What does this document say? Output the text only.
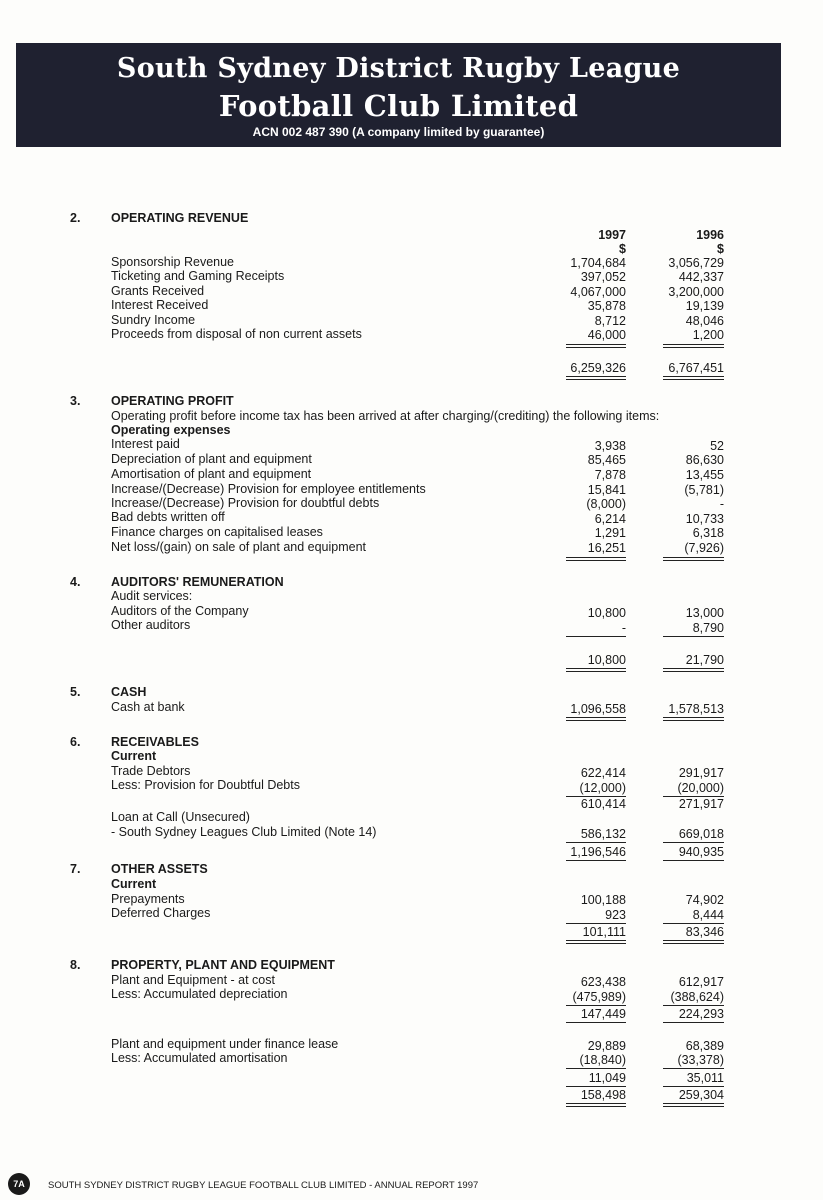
South Sydney District Rugby League
Football Club Limited
ACN 002 487 390 (A company limited by guarantee)
2. OPERATING REVENUE
1997	1996
$	$
Sponsorship Revenue	1,704,684	3,056,729
Ticketing and Gaming Receipts	397,052	442,337
Grants Received	4,067,000	3,200,000
Interest Received	35,878	19,139
Sundry Income	8,712	48,046
Proceeds from disposal of non current assets	46,000	1,200
6,259,326	6,767,451
3. OPERATING PROFIT
Operating profit before income tax has been arrived at after charging/(crediting) the following items:
Operating expenses
Interest paid	3,938	52
Depreciation of plant and equipment	85,465	86,630
Amortisation of plant and equipment	7,878	13,455
Increase/(Decrease) Provision for employee entitlements	15,841	(5,781)
Increase/(Decrease) Provision for doubtful debts	(8,000)	-
Bad debts written off	6,214	10,733
Finance charges on capitalised leases	1,291	6,318
Net loss/(gain) on sale of plant and equipment	16,251	(7,926)
4. AUDITORS' REMUNERATION
Audit services:
Auditors of the Company	10,800	13,000
Other auditors	-	8,790
10,800	21,790
5. CASH
Cash at bank	1,096,558	1,578,513
6. RECEIVABLES
Current
Trade Debtors	622,414	291,917
Less: Provision for Doubtful Debts	(12,000)	(20,000)
610,414	271,917
Loan at Call (Unsecured)
- South Sydney Leagues Club Limited (Note 14)	586,132	669,018
1,196,546	940,935
7. OTHER ASSETS
Current
Prepayments	100,188	74,902
Deferred Charges	923	8,444
101,111	83,346
8. PROPERTY, PLANT AND EQUIPMENT
Plant and Equipment - at cost	623,438	612,917
Less: Accumulated depreciation	(475,989)	(388,624)
147,449	224,293
Plant and equipment under finance lease	29,889	68,389
Less: Accumulated amortisation	(18,840)	(33,378)
11,049	35,011
158,498	259,304
7A	SOUTH SYDNEY DISTRICT RUGBY LEAGUE FOOTBALL CLUB LIMITED - ANNUAL REPORT 1997
